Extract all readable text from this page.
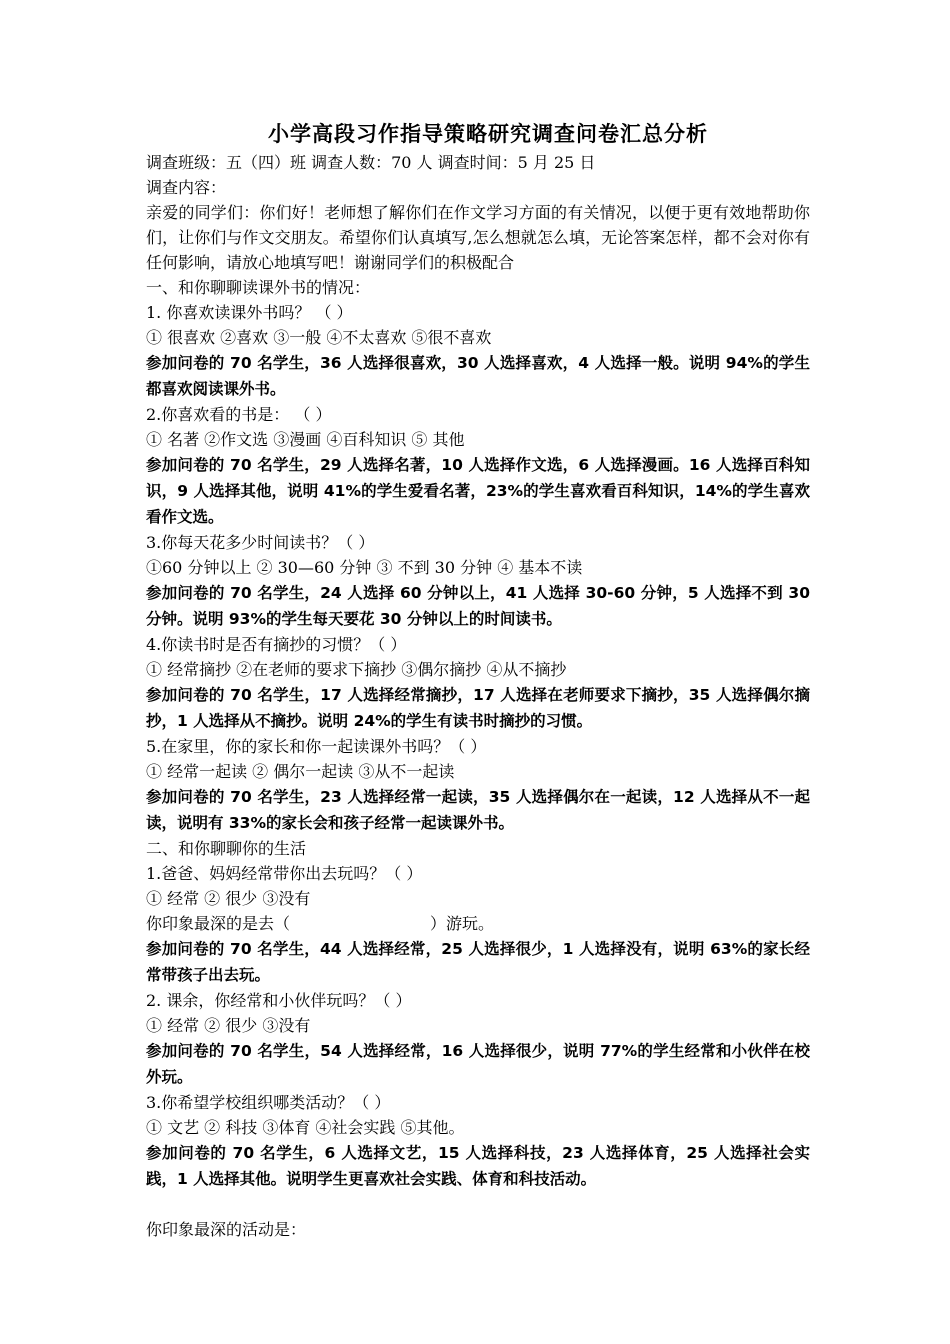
小学高段习作指导策略研究调查问卷汇总分析
调查班级：五（四）班 调查人数：70 人 调查时间：5 月 25 日
调查内容：
亲爱的同学们：你们好！老师想了解你们在作文学习方面的有关情况，以便于更有效地帮助你们，让你们与作文交朋友。希望你们认真填写,怎么想就怎么填，无论答案怎样，都不会对你有任何影响，请放心地填写吧！谢谢同学们的积极配合
一、和你聊聊读课外书的情况：
1. 你喜欢读课外书吗？ （ ）
① 很喜欢 ②喜欢 ③一般 ④不太喜欢 ⑤很不喜欢
参加问卷的 70 名学生，36 人选择很喜欢，30 人选择喜欢，4 人选择一般。说明 94%的学生都喜欢阅读课外书。
2.你喜欢看的书是： （ ）
① 名著 ②作文选 ③漫画 ④百科知识 ⑤ 其他
参加问卷的 70 名学生，29 人选择名著，10 人选择作文选，6 人选择漫画。16 人选择百科知识，9 人选择其他，说明 41%的学生爱看名著，23%的学生喜欢看百科知识，14%的学生喜欢看作文选。
3.你每天花多少时间读书？（ ）
①60 分钟以上 ② 30—60 分钟 ③ 不到 30 分钟 ④ 基本不读
参加问卷的 70 名学生，24 人选择 60 分钟以上，41 人选择 30-60 分钟，5 人选择不到 30 分钟。说明 93%的学生每天要花 30 分钟以上的时间读书。
4.你读书时是否有摘抄的习惯？（ ）
① 经常摘抄 ②在老师的要求下摘抄 ③偶尔摘抄 ④从不摘抄
参加问卷的 70 名学生，17 人选择经常摘抄，17 人选择在老师要求下摘抄，35 人选择偶尔摘抄，1 人选择从不摘抄。说明 24%的学生有读书时摘抄的习惯。
5.在家里，你的家长和你一起读课外书吗？（ ）
① 经常一起读 ② 偶尔一起读 ③从不一起读
参加问卷的 70 名学生，23 人选择经常一起读，35 人选择偶尔在一起读，12 人选择从不一起读，说明有 33%的家长会和孩子经常一起读课外书。
二、和你聊聊你的生活
1.爸爸、妈妈经常带你出去玩吗？（ ）
① 经常 ② 很少 ③没有
你印象最深的是去（	）游玩。
参加问卷的 70 名学生，44 人选择经常，25 人选择很少，1 人选择没有，说明 63%的家长经常带孩子出去玩。
2. 课余，你经常和小伙伴玩吗？（ ）
① 经常 ② 很少 ③没有
参加问卷的 70 名学生，54 人选择经常，16 人选择很少，说明 77%的学生经常和小伙伴在校外玩。
3.你希望学校组织哪类活动？（ ）
① 文艺 ② 科技 ③体育 ④社会实践 ⑤其他。
参加问卷的 70 名学生，6 人选择文艺，15 人选择科技，23 人选择体育，25 人选择社会实践，1 人选择其他。说明学生更喜欢社会实践、体育和科技活动。
你印象最深的活动是：
